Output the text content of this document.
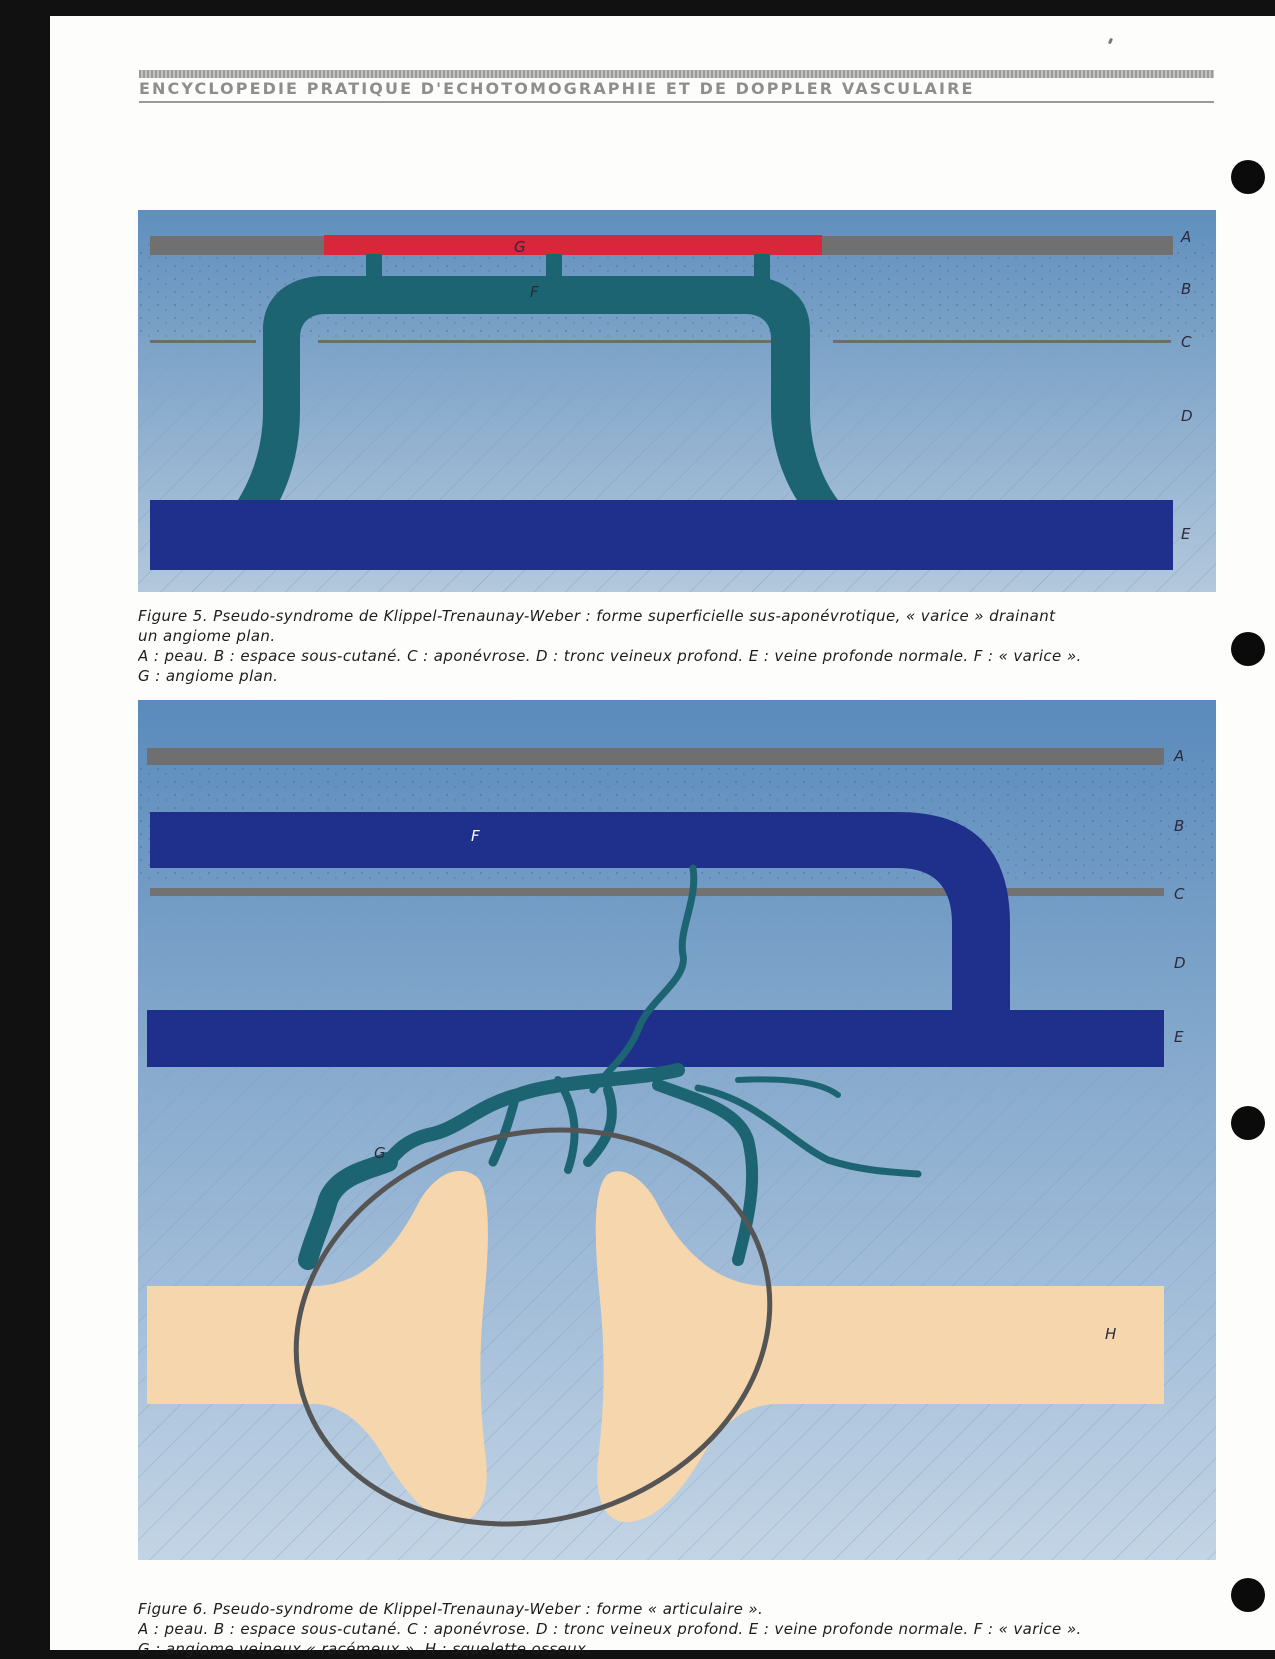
ENCYCLOPEDIE PRATIQUE D'ECHOTOMOGRAPHIE ET DE DOPPLER VASCULAIRE
G
F
A
B
C
D
E
Figure 5. Pseudo-syndrome de Klippel-Trenaunay-Weber : forme superficielle sus-aponévrotique, « varice » drainant
un angiome plan.
A : peau. B : espace sous-cutané. C : aponévrose. D : tronc veineux profond. E : veine profonde normale. F : « varice ».
G : angiome plan.
A
B
C
D
E
F
G
H
Figure 6. Pseudo-syndrome de Klippel-Trenaunay-Weber : forme « articulaire ».
A : peau. B : espace sous-cutané. C : aponévrose. D : tronc veineux profond. E : veine profonde normale. F : « varice ».
G : angiome veineux « racémeux ». H : squelette osseux.
